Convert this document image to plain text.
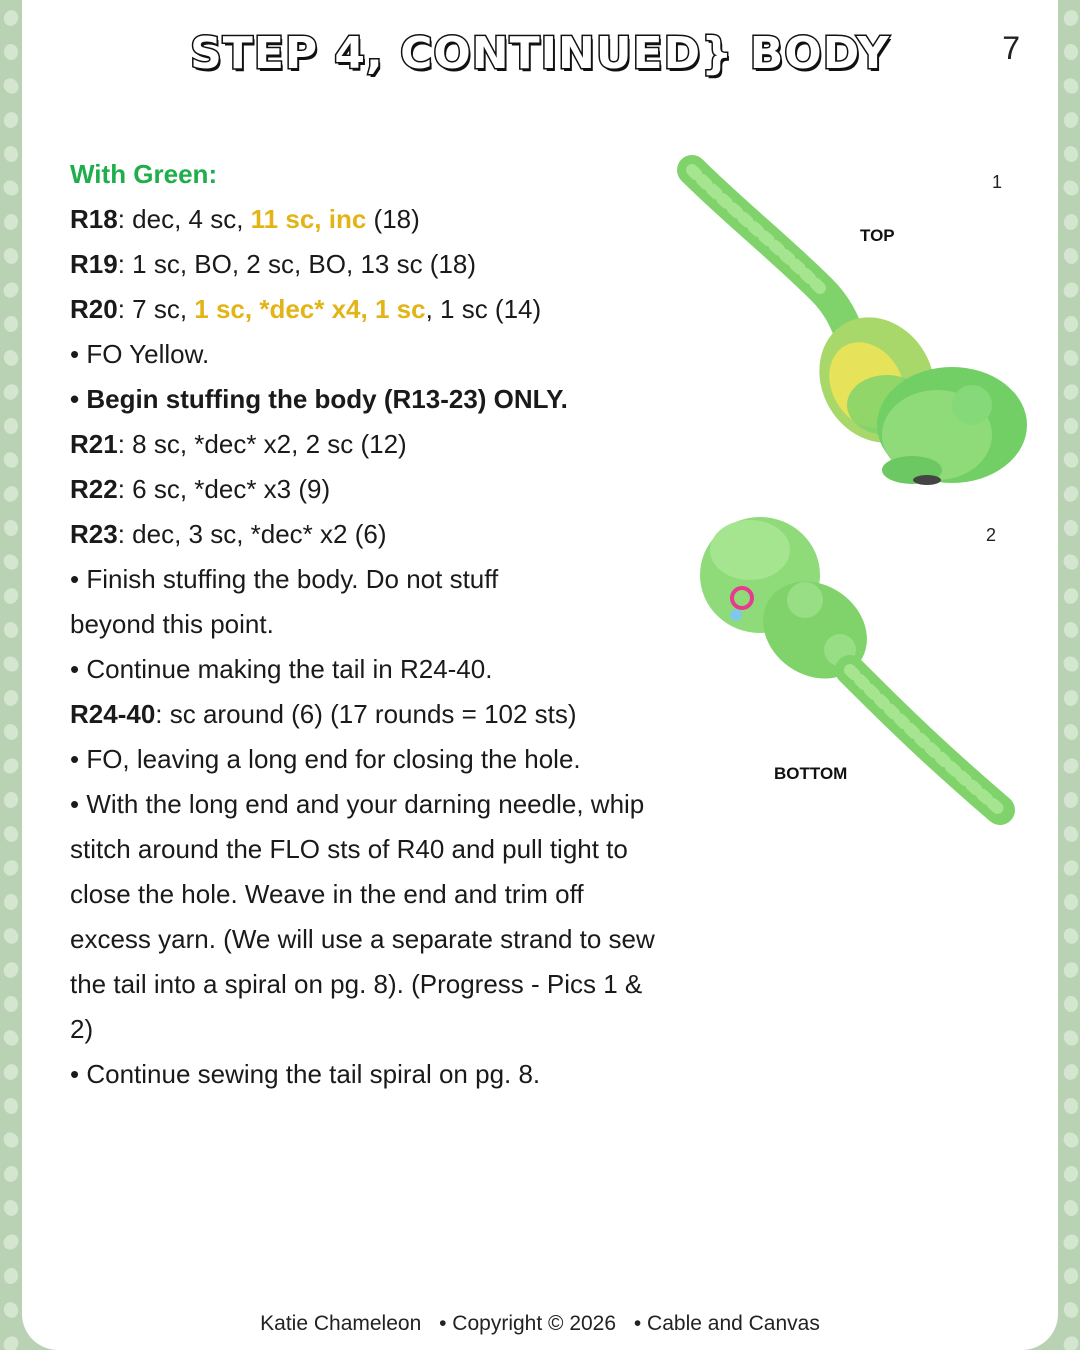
STEP 4, CONTINUED} BODY	7
With Green:
R18: dec, 4 sc, 11 sc, inc (18)
R19: 1 sc, BO, 2 sc, BO, 13 sc (18)
R20: 7 sc, 1 sc, *dec* x4, 1 sc, 1 sc (14)
• FO Yellow.
• Begin stuffing the body (R13-23) ONLY.
R21: 8 sc, *dec* x2, 2 sc (12)
R22: 6 sc, *dec* x3 (9)
R23: dec, 3 sc, *dec* x2 (6)
• Finish stuffing the body. Do not stuff beyond this point.
• Continue making the tail in R24-40.
R24-40: sc around (6) (17 rounds = 102 sts)
• FO, leaving a long end for closing the hole.
• With the long end and your darning needle, whip stitch around the FLO sts of R40 and pull tight to close the hole. Weave in the end and trim off excess yarn. (We will use a separate strand to sew the tail into a spiral on pg. 8). (Progress - Pics 1 & 2)
• Continue sewing the tail spiral on pg. 8.
1
TOP
2
BOTTOM
Katie Chameleon • Copyright © 2026 • Cable and Canvas
